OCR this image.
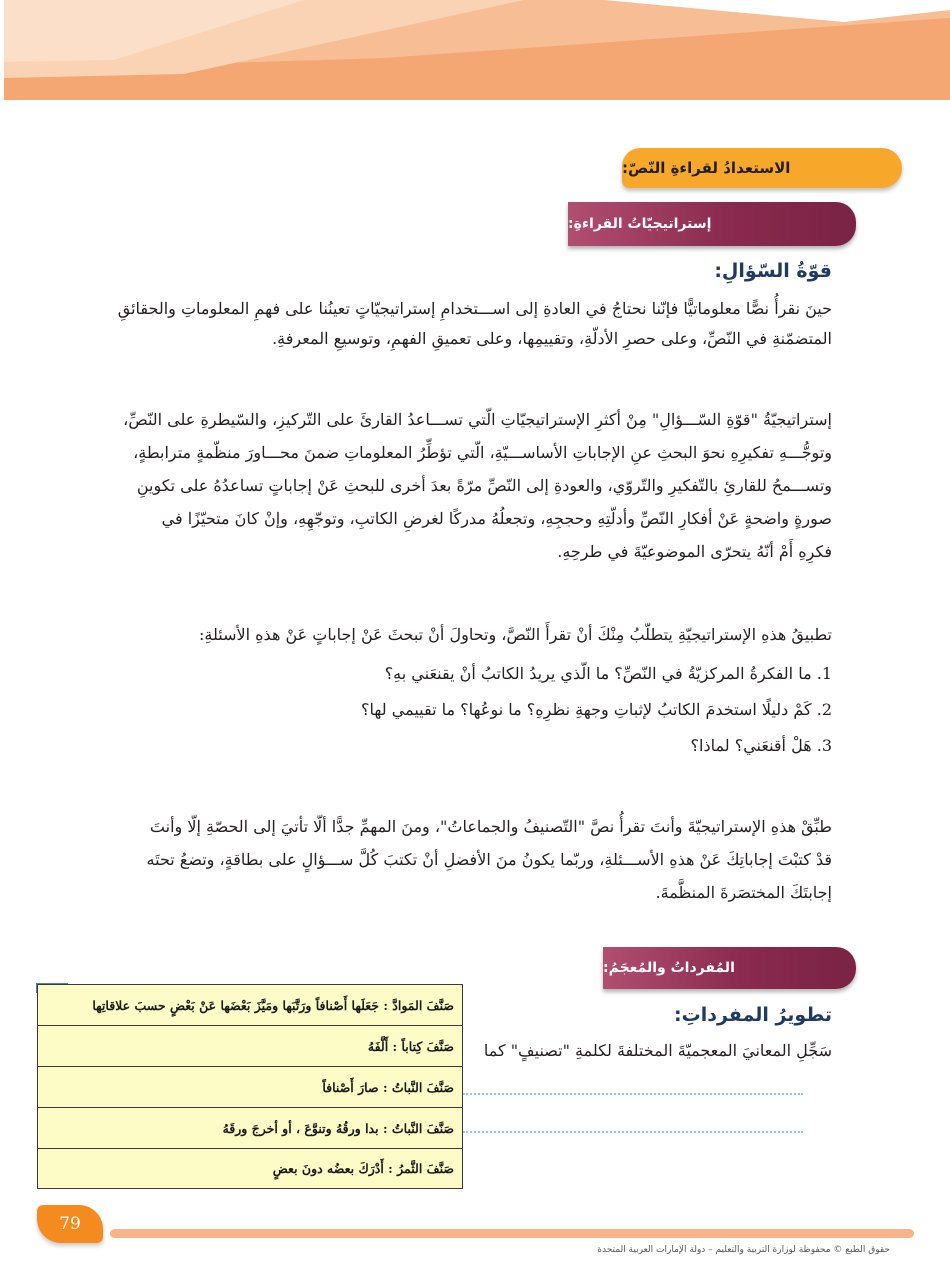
الاستعدادُ لقراءةِ النّصّ:
إستراتيجيّاتُ القراءةِ:
قوّةُ السّؤالِ:
حينَ نقرأُ نصًّا معلوماتيًّا فإنّنا نحتاجُ في العادةِ إلى اســـتخدامِ إستراتيجيّاتٍ تعينُنا على فهمِ المعلوماتِ والحقائقِ
المتضمّنةِ في النّصِّ، وعلى حصرِ الأدلّةِ، وتقييمِها، وعلى تعميقِ الفهمِ، وتوسيعِ المعرفةِ.
إستراتيجيّةُ "قوّةِ السّـــؤالِ" مِنْ أكثرِ الإستراتيجيّاتِ الّتي تســـاعدُ القارئَ على التّركيزِ، والسّيطرةِ على النّصِّ،
وتوجُّـــهِ تفكيرِهِ نحوَ البحثِ عنِ الإجاباتِ الأساســـيّةِ، الّتي تؤطِّرُ المعلوماتِ ضمنَ محـــاورَ منظّمةٍ مترابطةٍ،
وتســـمحُ للقارئِ بالتّفكيرِ والتّروّي، والعودةِ إلى النّصِّ مرّةً بعدَ أخرى للبحثِ عَنْ إجاباتٍ تساعدُهُ على تكوينِ
صورةٍ واضحةٍ عَنْ أفكارِ النّصِّ وأدلّتِهِ وحججِهِ، وتجعلُهُ مدركًا لغرضِ الكاتبِ، وتوجّهِهِ، وإنْ كانَ متحيّزًا في
فكرِهِ أَمْ أنّهُ يتحرّى الموضوعيّةَ في طرحِهِ.
تطبيقُ هذهِ الإستراتيجيّةِ يتطلّبُ مِنْكَ أنْ تقرأَ النّصَّ، وتحاولَ أنْ تبحثَ عَنْ إجاباتٍ عَنْ هذهِ الأسئلةِ:
1. ما الفكرةُ المركزيّةُ في النّصِّ؟ ما الّذي يريدُ الكاتبُ أنْ يقنعَني بهِ؟
2. كَمْ دليلًا استخدمَ الكاتبُ لإثباتِ وجهةِ نظرِهِ؟ ما نوعُها؟ ما تقييمي لها؟
3. هَلْ أقنعَني؟ لماذا؟
طبِّقْ هذهِ الإستراتيجيّةَ وأنتَ تقرأُ نصَّ "التّصنيفُ والجماعاتُ"، ومنَ المهمِّ جدًّا ألّا تأتيَ إلى الحصّةِ إلّا وأنتَ
قدْ كتبْتَ إجاباتِكَ عَنْ هذهِ الأســـئلةِ، وربّما يكونُ منَ الأفضلِ أنْ تكتبَ كُلَّ ســـؤالٍ على بطاقةٍ، وتضعُ تحتَه
إجابتَكَ المختصَرةَ المنظَّمةَ.
المُفرداتُ والمُعجَمُ:
تطويرُ المفرداتِ:
سَجِّلِ المعانيَ المعجميّةَ المختلفةَ لكلمةِ "تصنيفٍ" كما
صَنَّفَ المَوادَّ : جَعَلَها أَصْنافاً ورَتَّبَها ومَيَّزَ بَعْضَها عَنْ بَعْضٍ حسبَ علاقاتِها
صَنَّفَ كِتاباً : أَلَّفَهُ
صَنَّفَ النَّباتُ : صارَ أَصْنافاً
صَنَّفَ النَّباتُ : بدا ورقُهُ وتنوَّعَ ، أو أخرجَ ورقَهُ
صَنَّفَ الثَّمرُ : أَدْرَكَ بعضُه دونَ بعضٍ
79
حقوق الطبع © محفوظة لوزارة التربية والتعليم – دولة الإمارات العربية المتحدة
